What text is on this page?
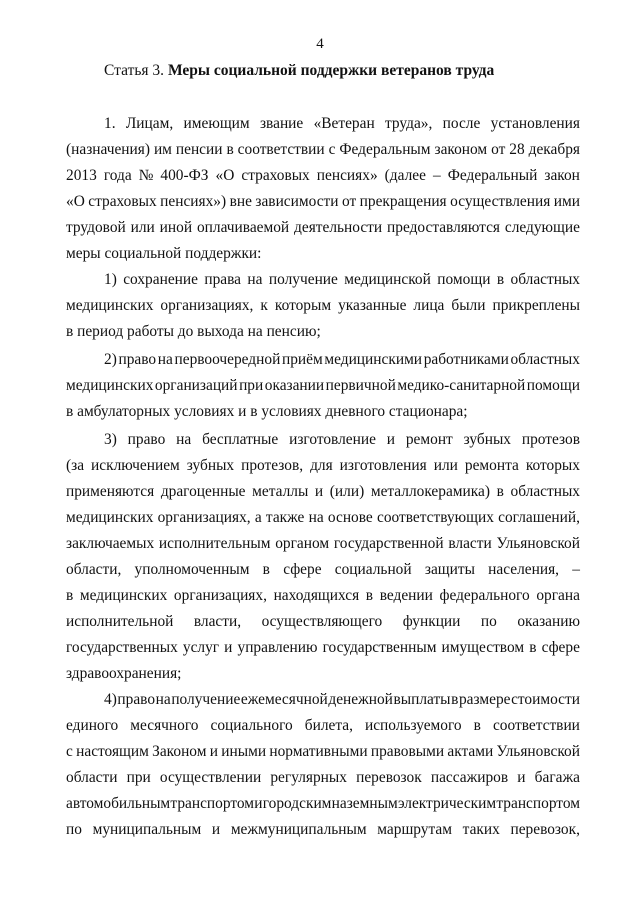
4
Статья 3. Меры социальной поддержки ветеранов труда
1. Лицам, имеющим звание «Ветеран труда», после установления
(назначения) им пенсии в соответствии с Федеральным законом от 28 декабря
2013 года № 400-ФЗ «О страховых пенсиях» (далее – Федеральный закон
«О страховых пенсиях») вне зависимости от прекращения осуществления ими
трудовой или иной оплачиваемой деятельности предоставляются следующие
меры социальной поддержки:
1) сохранение права на получение медицинской помощи в областных
медицинских организациях, к которым указанные лица были прикреплены
в период работы до выхода на пенсию;
2) право на первоочередной приём медицинскими работниками областных
медицинских организаций при оказании первичной медико-санитарной помощи
в амбулаторных условиях и в условиях дневного стационара;
3) право на бесплатные изготовление и ремонт зубных протезов
(за исключением зубных протезов, для изготовления или ремонта которых
применяются драгоценные металлы и (или) металлокерамика) в областных
медицинских организациях, а также на основе соответствующих соглашений,
заключаемых исполнительным органом государственной власти Ульяновской
области, уполномоченным в сфере социальной защиты населения, –
в медицинских организациях, находящихся в ведении федерального органа
исполнительной власти, осуществляющего функции по оказанию
государственных услуг и управлению государственным имуществом в сфере
здравоохранения;
4) право на получение ежемесячной денежной выплаты в размере стоимости
единого месячного социального билета, используемого в соответствии
с настоящим Законом и иными нормативными правовыми актами Ульяновской
области при осуществлении регулярных перевозок пассажиров и багажа
автомобильным транспортом и городским наземным электрическим транспортом
по муниципальным и межмуниципальным маршрутам таких перевозок,
